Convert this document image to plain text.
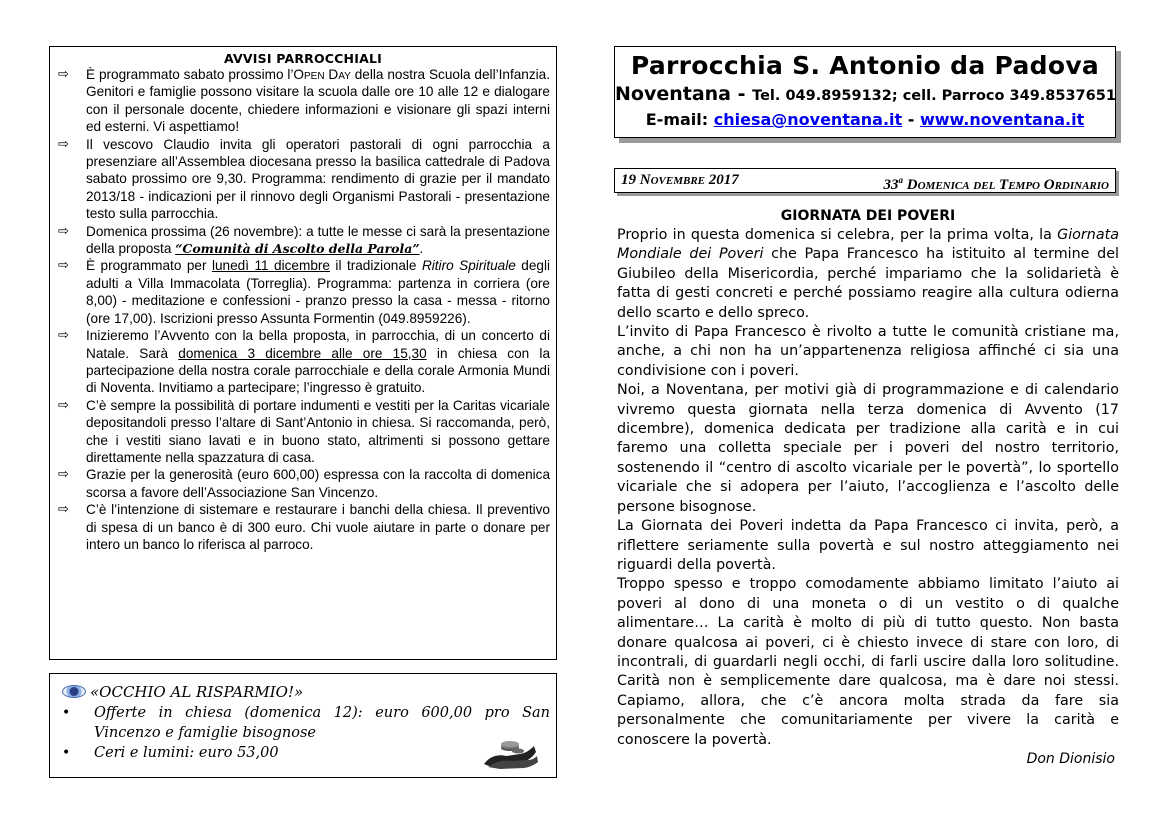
AVVISI PARROCCHIALI
⇨ È programmato sabato prossimo l’Open Day della nostra Scuola dell’Infanzia. Genitori e famiglie possono visitare la scuola dalle ore 10 alle 12 e dialogare con il personale docente, chiedere informazioni e visionare gli spazi interni ed esterni. Vi aspettiamo!
⇨ Il vescovo Claudio invita gli operatori pastorali di ogni parrocchia a presenziare all’Assemblea diocesana presso la basilica cattedrale di Padova sabato prossimo ore 9,30. Programma: rendimento di grazie per il mandato 2013/18 - indicazioni per il rinnovo degli Organismi Pastorali - presentazione testo sulla parrocchia.
⇨ Domenica prossima (26 novembre): a tutte le messe ci sarà la presentazione della proposta “Comunità di Ascolto della Parola”.
⇨ È programmato per lunedì 11 dicembre il tradizionale Ritiro Spirituale degli adulti a Villa Immacolata (Torreglia). Programma: partenza in corriera (ore 8,00) - meditazione e confessioni - pranzo presso la casa - messa - ritorno (ore 17,00). Iscrizioni presso Assunta Formentin (049.8959226).
⇨ Inizieremo l’Avvento con la bella proposta, in parrocchia, di un concerto di Natale. Sarà domenica 3 dicembre alle ore 15,30 in chiesa con la partecipazione della nostra corale parrocchiale e della corale Armonia Mundi di Noventa. Invitiamo a partecipare; l’ingresso è gratuito.
⇨ C’è sempre la possibilità di portare indumenti e vestiti per la Caritas vicariale depositandoli presso l’altare di Sant’Antonio in chiesa. Si raccomanda, però, che i vestiti siano lavati e in buono stato, altrimenti si possono gettare direttamente nella spazzatura di casa.
⇨ Grazie per la generosità (euro 600,00) espressa con la raccolta di domenica scorsa a favore dell’Associazione San Vincenzo.
⇨ C’è l’intenzione di sistemare e restaurare i banchi della chiesa. Il preventivo di spesa di un banco è di 300 euro. Chi vuole aiutare in parte o donare per intero un banco lo riferisca al parroco.
«OCCHIO AL RISPARMIO!»
• Offerte in chiesa (domenica 12): euro 600,00 pro San Vincenzo e famiglie bisognose
• Ceri e lumini: euro 53,00
Parrocchia S. Antonio da Padova
Noventana - Tel. 049.8959132; cell. Parroco 349.8537651
E-mail: chiesa@noventana.it - www.noventana.it
19 Novembre 2017	33$^a$ Domenica del Tempo Ordinario
GIORNATA DEI POVERI

Proprio in questa domenica si celebra, per la prima volta, la Giornata Mondiale dei Poveri che Papa Francesco ha istituito al termine del Giubileo della Misericordia, perché impariamo che la solidarietà è fatta di gesti concreti e perché possiamo reagire alla cultura odierna dello scarto e dello spreco.

L’invito di Papa Francesco è rivolto a tutte le comunità cristiane ma, anche, a chi non ha un’appartenenza religiosa affinché ci sia una condivisione con i poveri.

Noi, a Noventana, per motivi già di programmazione e di calendario vivremo questa giornata nella terza domenica di Avvento (17 dicembre), domenica dedicata per tradizione alla carità e in cui faremo una colletta speciale per i poveri del nostro territorio, sostenendo il “centro di ascolto vicariale per le povertà”, lo sportello vicariale che si adopera per l’aiuto, l’accoglienza e l’ascolto delle persone bisognose.

La Giornata dei Poveri indetta da Papa Francesco ci invita, però, a riflettere seriamente sulla povertà e sul nostro atteggiamento nei riguardi della povertà.

Troppo spesso e troppo comodamente abbiamo limitato l’aiuto ai poveri al dono di una moneta o di un vestito o di qualche alimentare… La carità è molto di più di tutto questo. Non basta donare qualcosa ai poveri, ci è chiesto invece di stare con loro, di incontrali, di guardarli negli occhi, di farli uscire dalla loro solitudine. Carità non è semplicemente dare qualcosa, ma è dare noi stessi. Capiamo, allora, che c’è ancora molta strada da fare sia personalmente che comunitariamente per vivere la carità e conoscere la povertà.

Don Dionisio
